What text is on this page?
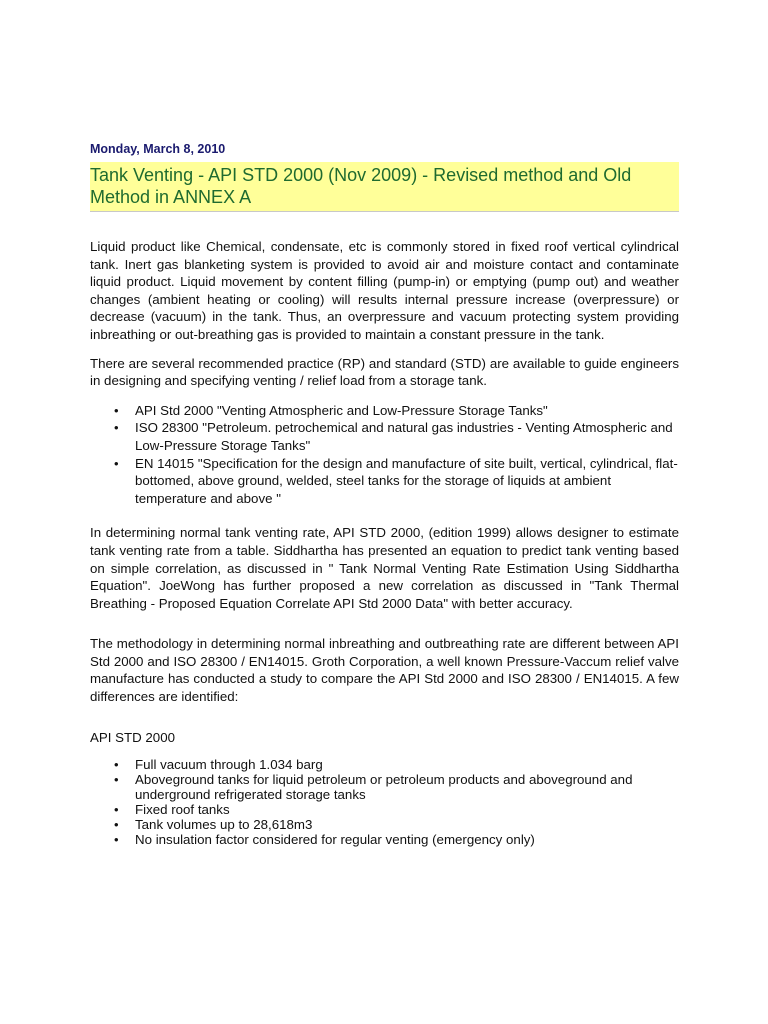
Monday, March 8, 2010

Tank Venting - API STD 2000 (Nov 2009) - Revised method and Old Method in ANNEX A

Liquid product like Chemical, condensate, etc is commonly stored in fixed roof vertical cylindrical tank. Inert gas blanketing system is provided to avoid air and moisture contact and contaminate liquid product. Liquid movement by content filling (pump-in) or emptying (pump out) and weather changes (ambient heating or cooling) will results internal pressure increase (overpressure) or decrease (vacuum) in the tank. Thus, an overpressure and vacuum protecting system providing inbreathing or out-breathing gas is provided to maintain a constant pressure in the tank.

There are several recommended practice (RP) and standard (STD) are available to guide engineers in designing and specifying venting / relief load from a storage tank.

• API Std 2000 "Venting Atmospheric and Low-Pressure Storage Tanks"
• ISO 28300 "Petroleum. petrochemical and natural gas industries - Venting Atmospheric and Low-Pressure Storage Tanks"
• EN 14015 "Specification for the design and manufacture of site built, vertical, cylindrical, flat-bottomed, above ground, welded, steel tanks for the storage of liquids at ambient temperature and above "

In determining normal tank venting rate, API STD 2000, (edition 1999) allows designer to estimate tank venting rate from a table. Siddhartha has presented an equation to predict tank venting based on simple correlation, as discussed in " Tank Normal Venting Rate Estimation Using Siddhartha Equation". JoeWong has further proposed a new correlation as discussed in "Tank Thermal Breathing - Proposed Equation Correlate API Std 2000 Data" with better accuracy.

The methodology in determining normal inbreathing and outbreathing rate are different between API Std 2000 and ISO 28300 / EN14015. Groth Corporation, a well known Pressure-Vaccum relief valve manufacture has conducted a study to compare the API Std 2000 and ISO 28300 / EN14015. A few differences are identified:

API STD 2000

• Full vacuum through 1.034 barg
• Aboveground tanks for liquid petroleum or petroleum products and aboveground and underground refrigerated storage tanks
• Fixed roof tanks
• Tank volumes up to 28,618m3
• No insulation factor considered for regular venting (emergency only)
